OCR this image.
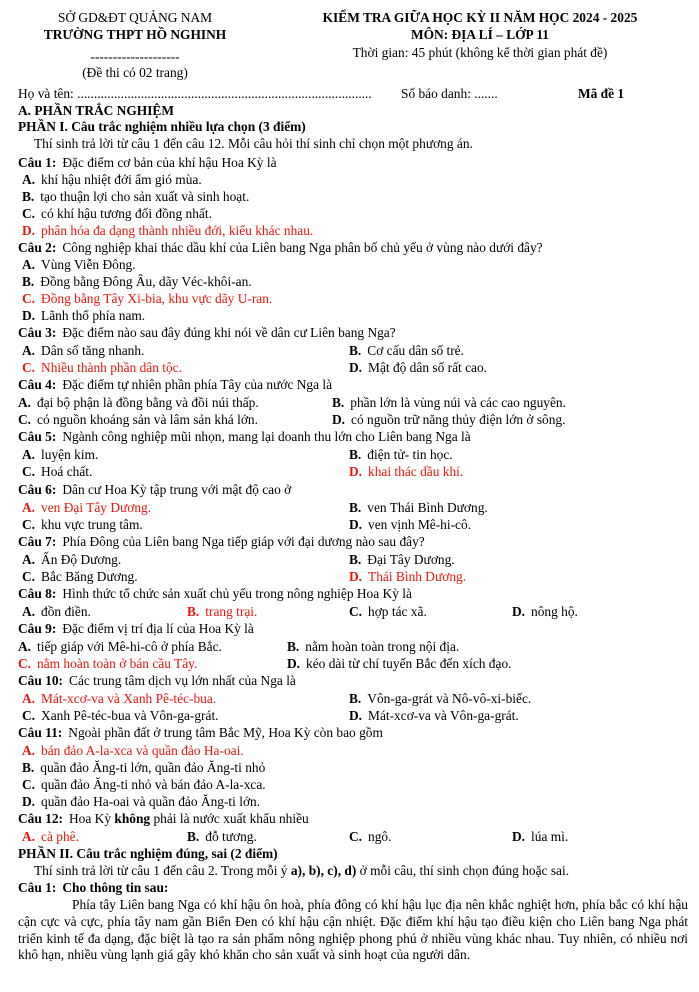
SỞ GD&ĐT QUẢNG NAM
TRƯỜNG THPT HỒ NGHINH
--------------------
(Đề thi có 02 trang)
KIỂM TRA GIỮA HỌC KỲ II NĂM HỌC 2024 - 2025
MÔN: ĐỊA LÍ – LỚP 11
Thời gian: 45 phút (không kể thời gian phát đề)
Họ và tên: ........................................................................................ Số báo danh: .......	Mã đề 1
A. PHẦN TRẮC NGHIỆM
PHẦN I. Câu trắc nghiệm nhiều lựa chọn (3 điểm)
Thí sinh trả lời từ câu 1 đến câu 12. Mỗi câu hỏi thí sinh chỉ chọn một phương án.
Câu 1: Đặc điểm cơ bản của khí hậu Hoa Kỳ là
A. khí hậu nhiệt đới ẩm gió mùa.
B. tạo thuận lợi cho sản xuất và sinh hoạt.
C. có khí hậu tương đối đồng nhất.
D. phân hóa đa dạng thành nhiều đới, kiểu khác nhau.
Câu 2: Công nghiệp khai thác dầu khí của Liên bang Nga phân bố chủ yếu ở vùng nào dưới đây?
A. Vùng Viễn Đông.
B. Đồng bằng Đông Âu, dãy Véc-khôi-an.
C. Đồng bằng Tây Xi-bia, khu vực dãy U-ran.
D. Lãnh thổ phía nam.
Câu 3: Đặc điểm nào sau đây đúng khi nói về dân cư Liên bang Nga?
A. Dân số tăng nhanh.	B. Cơ cấu dân số trẻ.
C. Nhiều thành phần dân tộc.	D. Mật độ dân số rất cao.
Câu 4: Đặc điểm tự nhiên phần phía Tây của nước Nga là
A. đại bộ phận là đồng bằng và đồi núi thấp.	B. phần lớn là vùng núi và các cao nguyên.
C. có nguồn khoáng sản và lâm sản khá lớn.	D. có nguồn trữ năng thủy điện lớn ở sông.
Câu 5: Ngành công nghiệp mũi nhọn, mang lại doanh thu lớn cho Liên bang Nga là
A. luyện kim.	B. điện tử- tin học.
C. Hoá chất.	D. khai thác dầu khí.
Câu 6: Dân cư Hoa Kỳ tập trung với mật độ cao ở
A. ven Đại Tây Dương.	B. ven Thái Bình Dương.
C. khu vực trung tâm.	D. ven vịnh Mê-hi-cô.
Câu 7: Phía Đông của Liên bang Nga tiếp giáp với đại dương nào sau đây?
A. Ấn Độ Dương.	B. Đại Tây Dương.
C. Bắc Băng Dương.	D. Thái Bình Dương.
Câu 8: Hình thức tổ chức sản xuất chủ yếu trong nông nghiệp Hoa Kỳ là
A. đồn điền.	B. trang trại.	C. hợp tác xã.	D. nông hộ.
Câu 9: Đặc điểm vị trí địa lí của Hoa Kỳ là
A. tiếp giáp với Mê-hi-cô ở phía Bắc.	B. nằm hoàn toàn trong nội địa.
C. nằm hoàn toàn ở bán cầu Tây.	D. kéo dài từ chí tuyến Bắc đến xích đạo.
Câu 10: Các trung tâm dịch vụ lớn nhất của Nga là
A. Mát-xcơ-va và Xanh Pê-téc-bua.	B. Vôn-ga-grát và Nô-vô-xi-biếc.
C. Xanh Pê-téc-bua và Vôn-ga-grát.	D. Mát-xcơ-va và Vôn-ga-grát.
Câu 11: Ngoài phần đất ở trung tâm Bắc Mỹ, Hoa Kỳ còn bao gồm
A. bán đảo A-la-xca và quần đảo Ha-oai.
B. quần đảo Ăng-ti lớn, quần đảo Ăng-ti nhỏ
C. quần đảo Ăng-ti nhỏ và bán đảo A-la-xca.
D. quần đảo Ha-oai và quần đảo Ăng-ti lớn.
Câu 12: Hoa Kỳ không phải là nước xuất khẩu nhiều
A. cà phê.	B. đỗ tương.	C. ngô.	D. lúa mì.
PHẦN II. Câu trắc nghiệm đúng, sai (2 điểm)
Thí sinh trả lời từ câu 1 đến câu 2. Trong mỗi ý a), b), c), d) ở mỗi câu, thí sinh chọn đúng hoặc sai.
Câu 1: Cho thông tin sau:
Phía tây Liên bang Nga có khí hậu ôn hoà, phía đông có khí hậu lục địa nên khắc nghiệt hơn, phía bắc có khí hậu cận cực và cực, phía tây nam gần Biển Đen có khí hậu cận nhiệt. Đặc điểm khí hậu tạo điều kiện cho Liên bang Nga phát triển kinh tế đa dạng, đặc biệt là tạo ra sản phẩm nông nghiệp phong phú ở nhiều vùng khác nhau. Tuy nhiên, có nhiều nơi khô hạn, nhiều vùng lạnh giá gây khó khăn cho sản xuất và sinh hoạt của người dân.
